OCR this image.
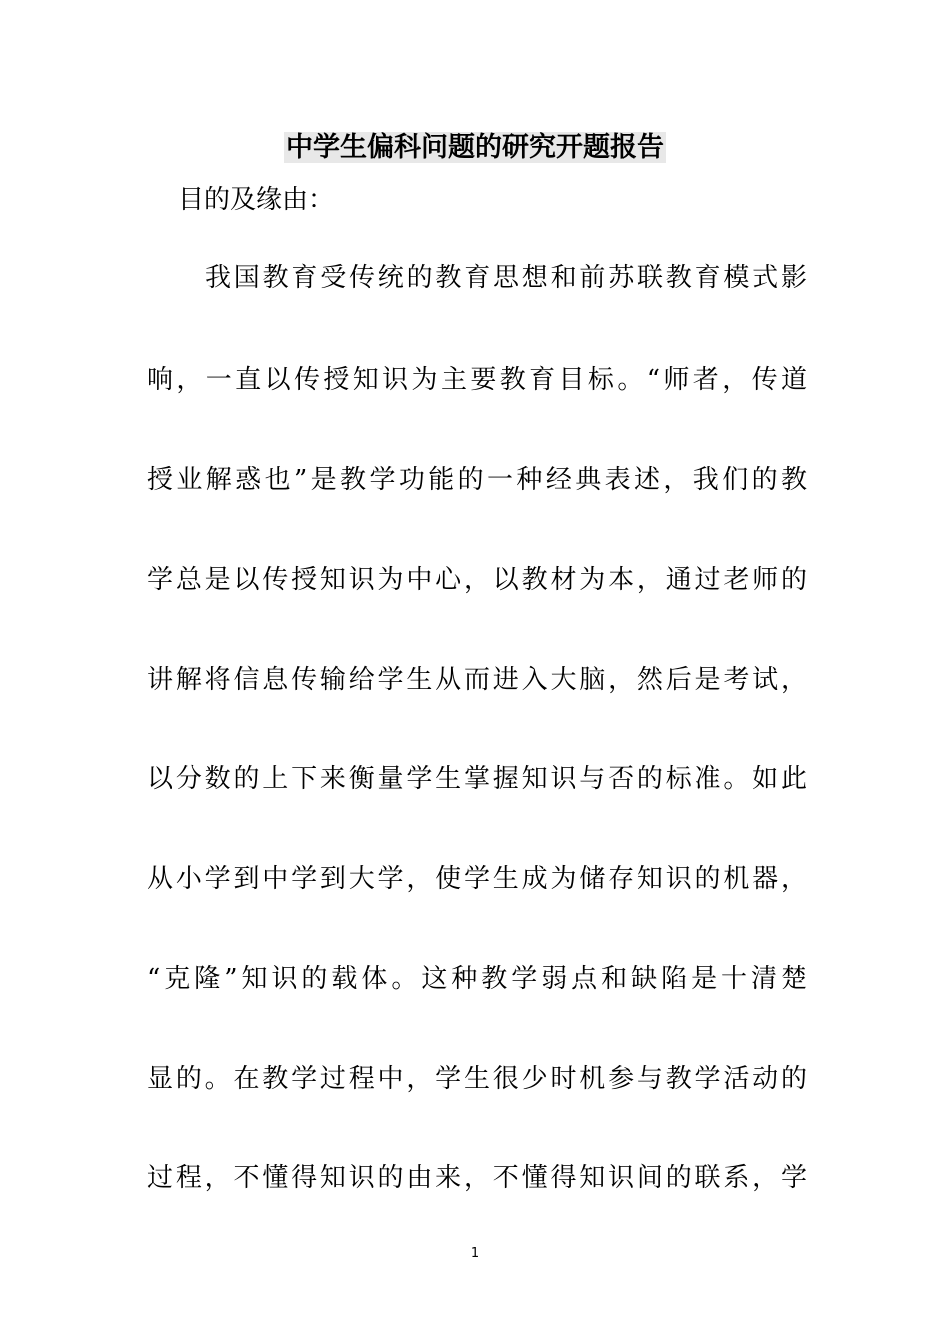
中学生偏科问题的研究开题报告
目的及缘由：
我国教育受传统的教育思想和前苏联教育模式影
响，一直以传授知识为主要教育目标。“师者，传道
授业解惑也”是教学功能的一种经典表述，我们的教
学总是以传授知识为中心，以教材为本，通过老师的
讲解将信息传输给学生从而进入大脑，然后是考试，
以分数的上下来衡量学生掌握知识与否的标准。如此
从小学到中学到大学，使学生成为储存知识的机器，
“克隆”知识的载体。这种教学弱点和缺陷是十清楚
显的。在教学过程中，学生很少时机参与教学活动的
过程，不懂得知识的由来，不懂得知识间的联系，学
1
